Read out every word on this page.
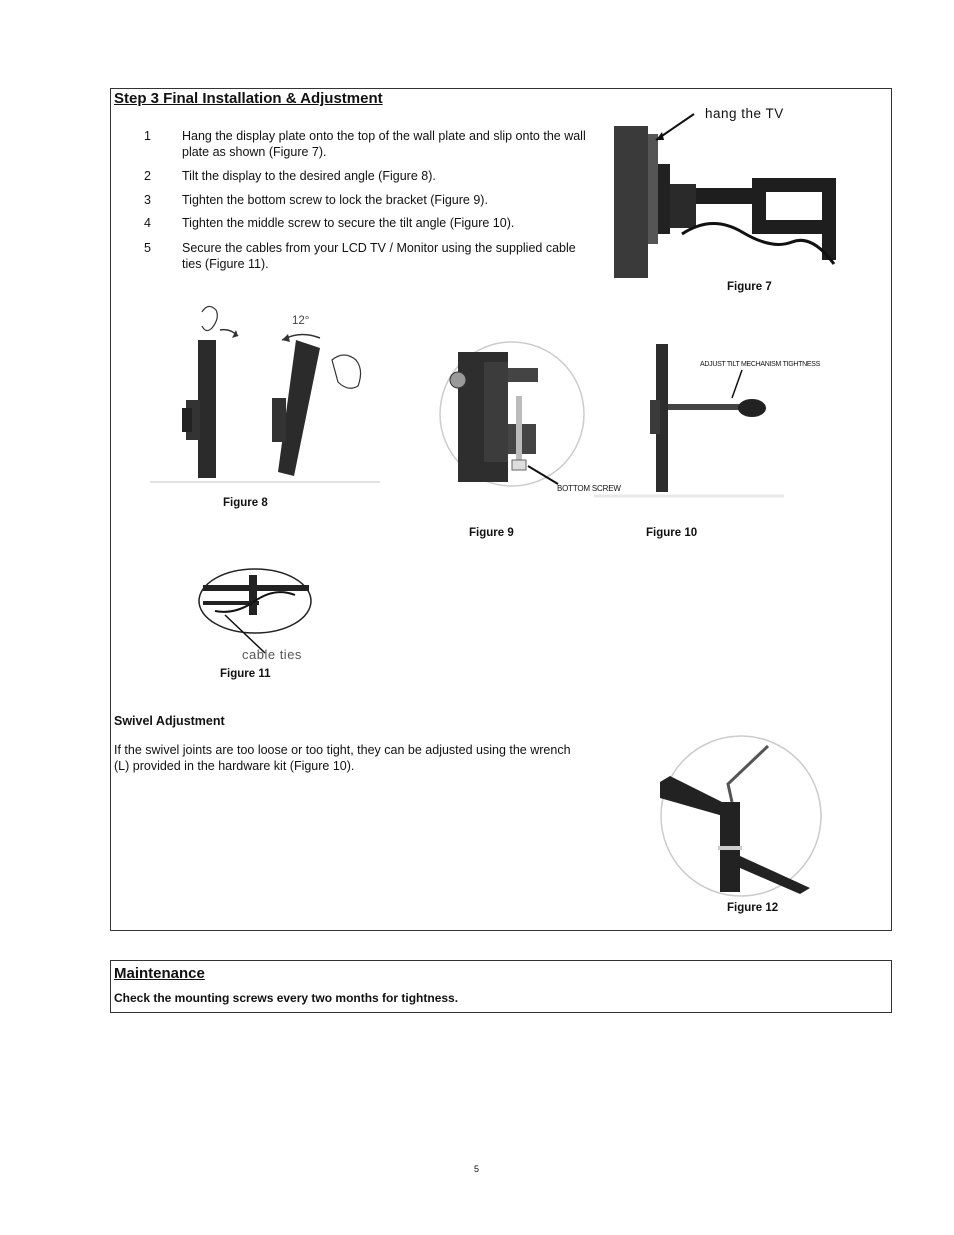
Step 3 Final Installation & Adjustment
1 Hang the display plate onto the top of the wall plate and slip onto the wall plate as shown (Figure 7).
2 Tilt the display to the desired angle (Figure 8).
3 Tighten the bottom screw to lock the bracket (Figure 9).
4 Tighten the middle screw to secure the tilt angle (Figure 10).
5 Secure the cables from your LCD TV / Monitor using the supplied cable ties (Figure 11).
hang the TV
Figure 7
12°
Figure 8
BOTTOM SCREW
Figure 9
ADJUST TILT MECHANISM TIGHTNESS
Figure 10
cable ties
Figure 11
Swivel Adjustment
If the swivel joints are too loose or too tight, they can be adjusted using the wrench (L) provided in the hardware kit (Figure 10).
Figure 12
Maintenance
Check the mounting screws every two months for tightness.
5
